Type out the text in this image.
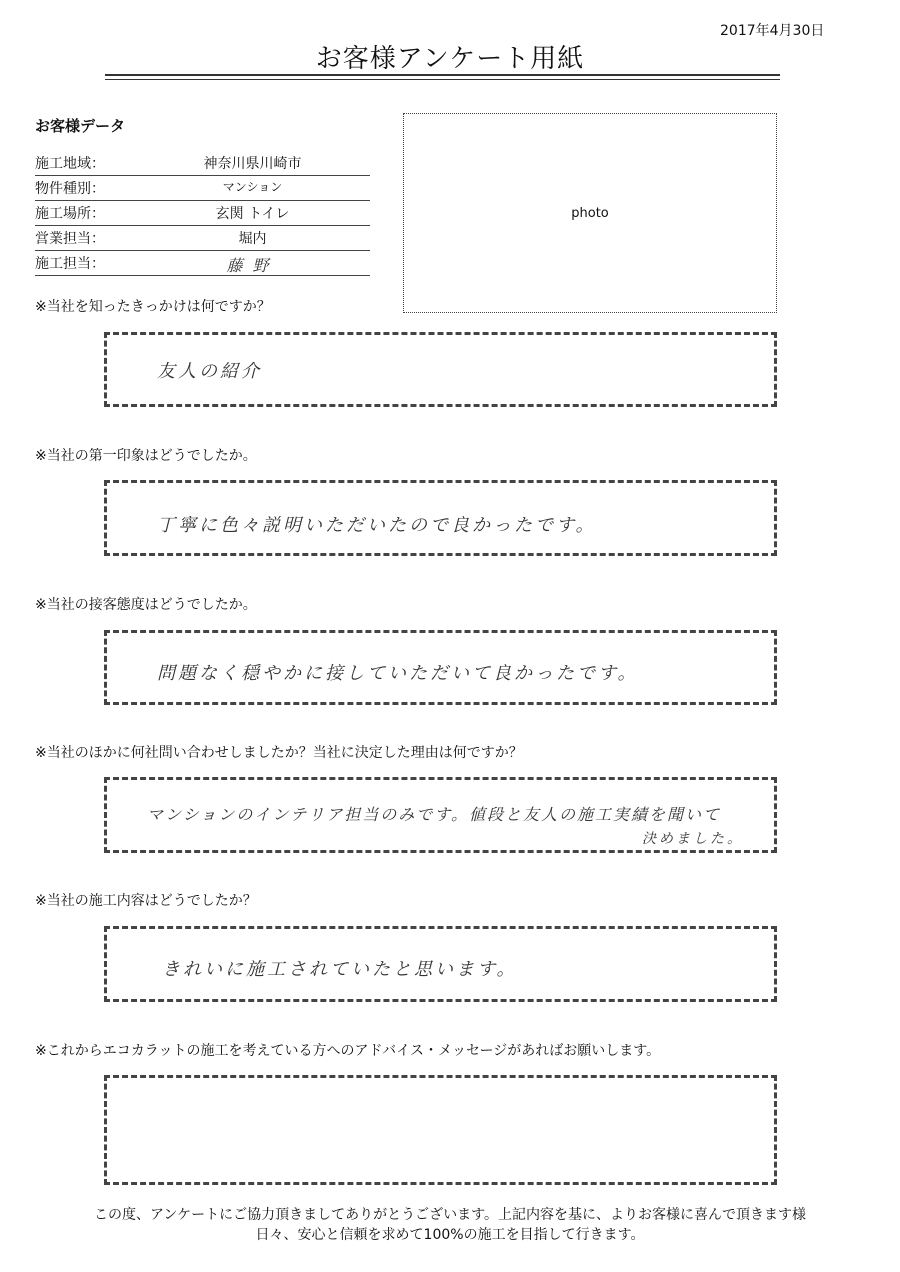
2017年4月30日
お客様アンケート用紙
お客様データ
施工地域：	神奈川県川崎市
物件種別：	マンション
施工場所：	玄関 トイレ
営業担当：	堀内
施工担当：	藤野
photo
※当社を知ったきっかけは何ですか？
友人の紹介
※当社の第一印象はどうでしたか。
丁寧に色々説明いただいたので良かったです。
※当社の接客態度はどうでしたか。
問題なく穏やかに接していただいて良かったです。
※当社のほかに何社問い合わせしましたか？当社に決定した理由は何ですか？
マンションのインテリア担当のみです。値段と友人の施工実績を聞いて
決めました。
※当社の施工内容はどうでしたか？
きれいに施工されていたと思います。
※これからエコカラットの施工を考えている方へのアドバイス・メッセージがあればお願いします。
この度、アンケートにご協力頂きましてありがとうございます。上記内容を基に、よりお客様に喜んで頂きます様
日々、安心と信頼を求めて100%の施工を目指して行きます。
